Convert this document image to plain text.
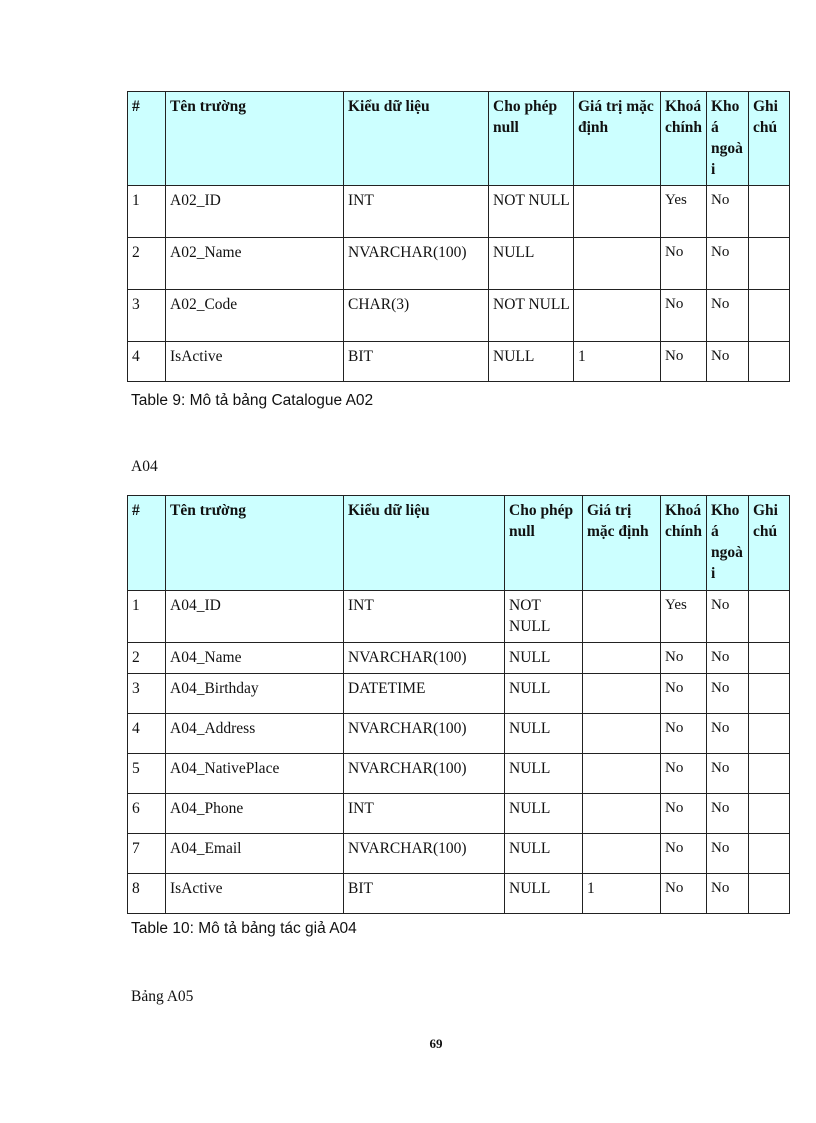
#	Tên trường	Kiểu dữ liệu	Cho phép null	Giá trị mặc định	Khoá chính	Khoá ngoài	Ghi chú
1	A02_ID	INT	NOT NULL		Yes	No	
2	A02_Name	NVARCHAR(100)	NULL		No	No	
3	A02_Code	CHAR(3)	NOT NULL		No	No	
4	IsActive	BIT	NULL	1	No	No	
Table 9: Mô tả bảng Catalogue A02
A04
#	Tên trường	Kiểu dữ liệu	Cho phép null	Giá trị mặc định	Khoá chính	Khoá ngoài	Ghi chú
1	A04_ID	INT	NOT NULL		Yes	No	
2	A04_Name	NVARCHAR(100)	NULL		No	No	
3	A04_Birthday	DATETIME	NULL		No	No	
4	A04_Address	NVARCHAR(100)	NULL		No	No	
5	A04_NativePlace	NVARCHAR(100)	NULL		No	No	
6	A04_Phone	INT	NULL		No	No	
7	A04_Email	NVARCHAR(100)	NULL		No	No	
8	IsActive	BIT	NULL	1	No	No	
Table 10: Mô tả bảng tác giả A04
Bảng A05
69
